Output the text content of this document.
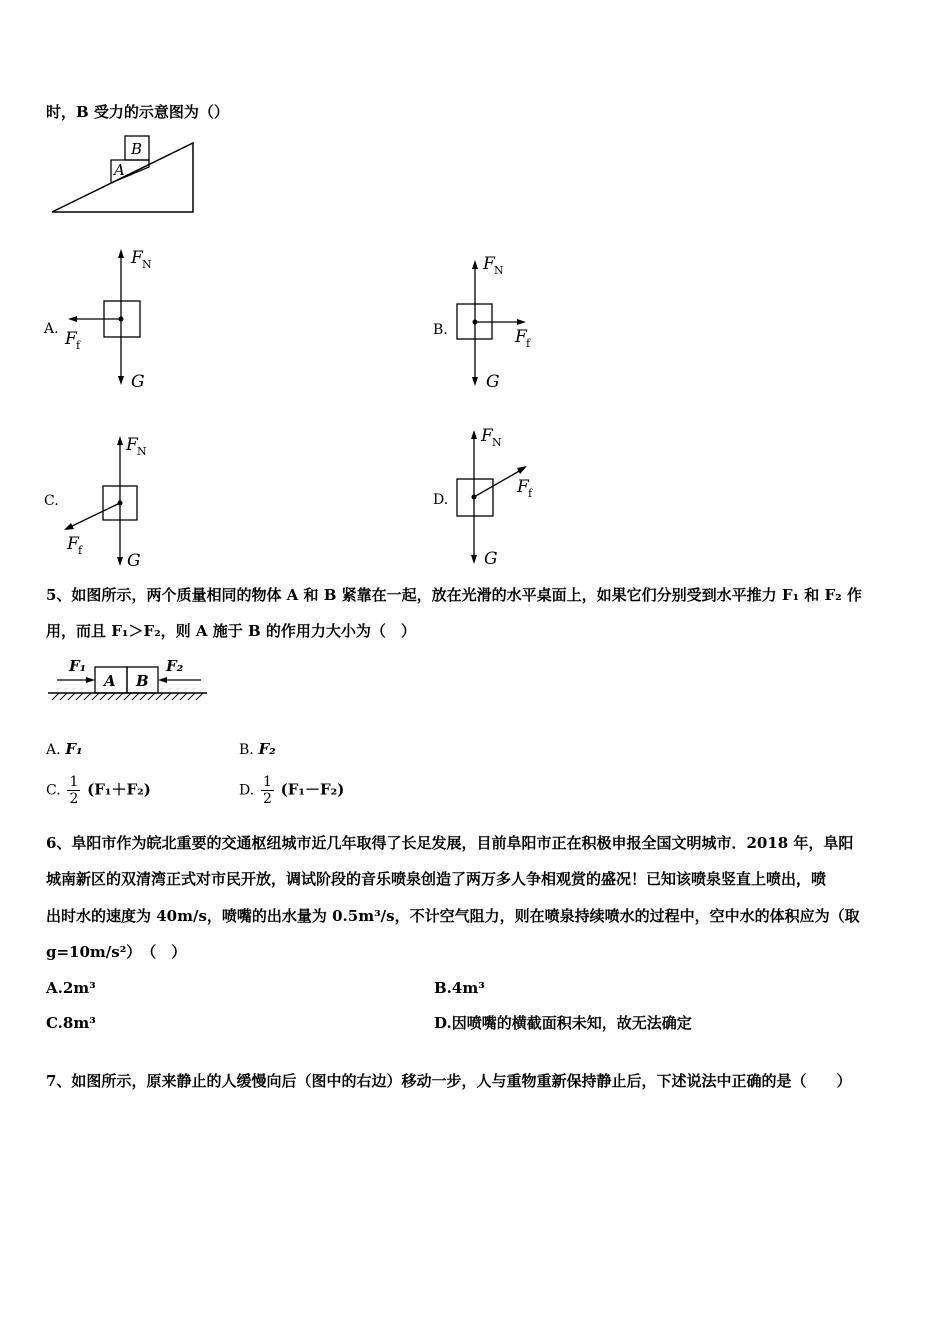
时，B 受力的示意图为（）
B
A
A.
F N
F f
G
B.
F N
F f
G
C.
F N
F f
G
D.
F N
F f
G
5、如图所示，两个质量相同的物体 A 和 B 紧靠在一起，放在光滑的水平桌面上，如果它们分别受到水平推力 F₁ 和 F₂ 作
用，而且 F₁＞F₂，则 A 施于 B 的作用力大小为（　）
A B
F₁	F₂
A. F₁	B. F₂
C. $\frac{1}{2} (F_1+F_2)$	D. $\frac{1}{2} (F_1-F_2)$
6、阜阳市作为皖北重要的交通枢纽城市近几年取得了长足发展，目前阜阳市正在积极申报全国文明城市．2018 年，阜阳
城南新区的双清湾正式对市民开放，调试阶段的音乐喷泉创造了两万多人争相观赏的盛况！已知该喷泉竖直上喷出，喷
出时水的速度为 40m/s，喷嘴的出水量为 0.5m³/s，不计空气阻力，则在喷泉持续喷水的过程中，空中水的体积应为（取
g=10m/s²）　（　）
A.2m³	B.4m³
C.8m³	D.因喷嘴的横截面积未知，故无法确定
7、如图所示，原来静止的人缓慢向后（图中的右边）移动一步，人与重物重新保持静止后，下述说法中正确的是（　　）
